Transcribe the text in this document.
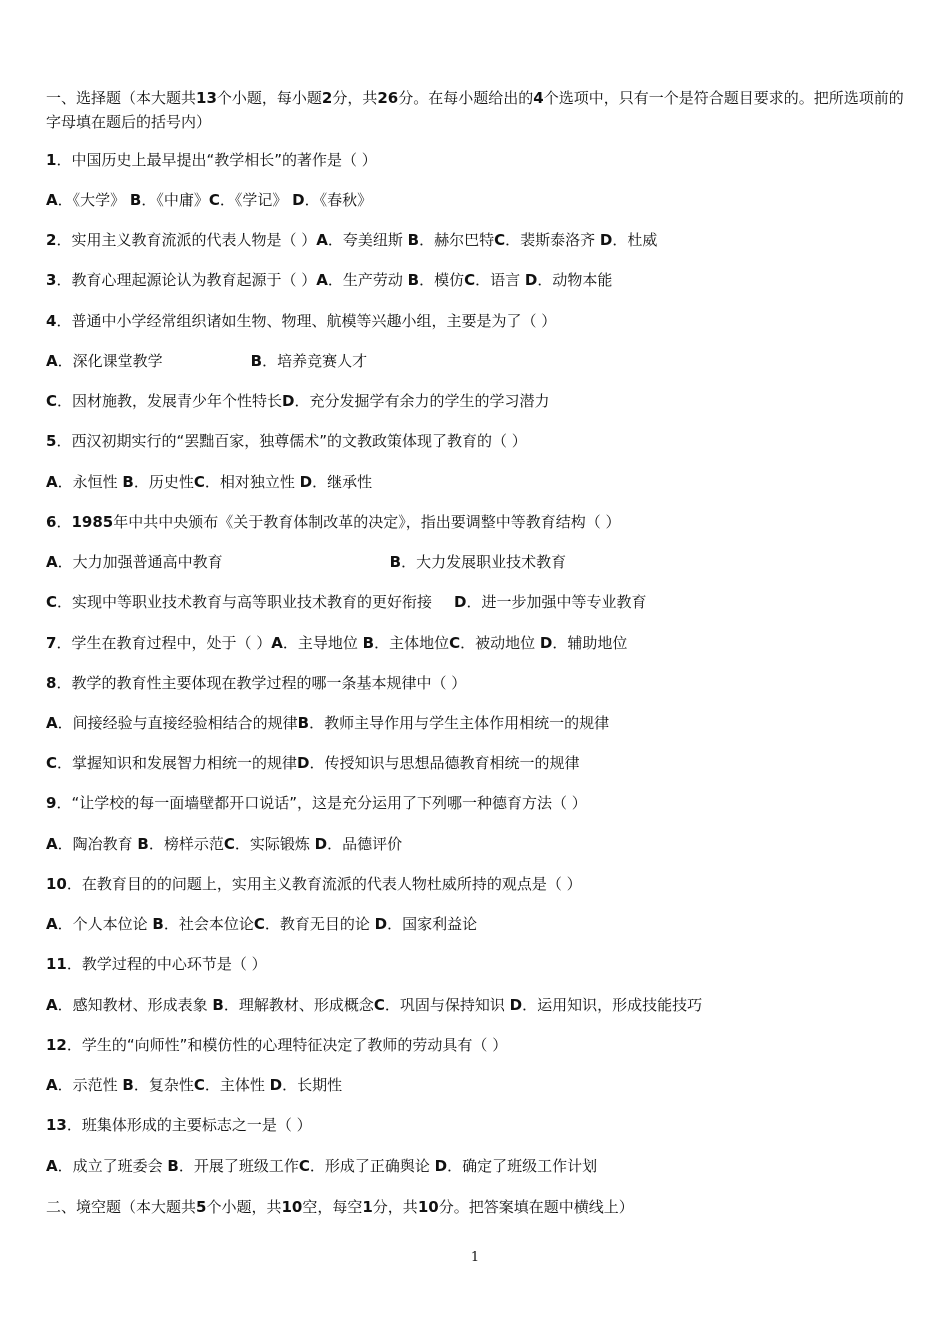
一、选择题（本大题共13个小题，每小题2分，共26分。在每小题给出的4个选项中，只有一个是符合题目要求的。把所选项前的字母填在题后的括号内）
1．中国历史上最早提出“教学相长”的著作是（ ）
A．《大学》 B．《中庸》C．《学记》 D．《春秋》
2．实用主义教育流派的代表人物是（ ）A．夸美纽斯 B．赫尔巴特C．裴斯泰洛齐 D．杜威
3．教育心理起源论认为教育起源于（ ）A．生产劳动 B．模仿C．语言 D．动物本能
4．普通中小学经常组织诸如生物、物理、航模等兴趣小组，主要是为了（ ）
A．深化课堂教学	B．培养竞赛人才
C．因材施教，发展青少年个性特长D．充分发掘学有余力的学生的学习潜力
5．西汉初期实行的“罢黜百家，独尊儒术”的文教政策体现了教育的（ ）
A．永恒性 B．历史性C．相对独立性 D．继承性
6．1985年中共中央颁布《关于教育体制改革的决定》，指出要调整中等教育结构（ ）
A．大力加强普通高中教育	B．大力发展职业技术教育
C．实现中等职业技术教育与高等职业技术教育的更好衔接 D．进一步加强中等专业教育
7．学生在教育过程中，处于（ ）A．主导地位 B．主体地位C．被动地位 D．辅助地位
8．教学的教育性主要体现在教学过程的哪一条基本规律中（ ）
A．间接经验与直接经验相结合的规律B．教师主导作用与学生主体作用相统一的规律
C．掌握知识和发展智力相统一的规律D．传授知识与思想品德教育相统一的规律
9．“让学校的每一面墙壁都开口说话”，这是充分运用了下列哪一种德育方法（ ）
A．陶冶教育 B．榜样示范C．实际锻炼 D．品德评价
10．在教育目的的问题上，实用主义教育流派的代表人物杜威所持的观点是（ ）
A．个人本位论 B．社会本位论C．教育无目的论 D．国家利益论
11．教学过程的中心环节是（ ）
A．感知教材、形成表象 B．理解教材、形成概念C．巩固与保持知识 D．运用知识，形成技能技巧
12．学生的“向师性”和模仿性的心理特征决定了教师的劳动具有（ ）
A．示范性 B．复杂性C．主体性 D．长期性
13．班集体形成的主要标志之一是（ ）
A．成立了班委会 B．开展了班级工作C．形成了正确舆论 D．确定了班级工作计划
二、境空题（本大题共5个小题，共10空，每空1分，共10分。把答案填在题中横线上）
1
